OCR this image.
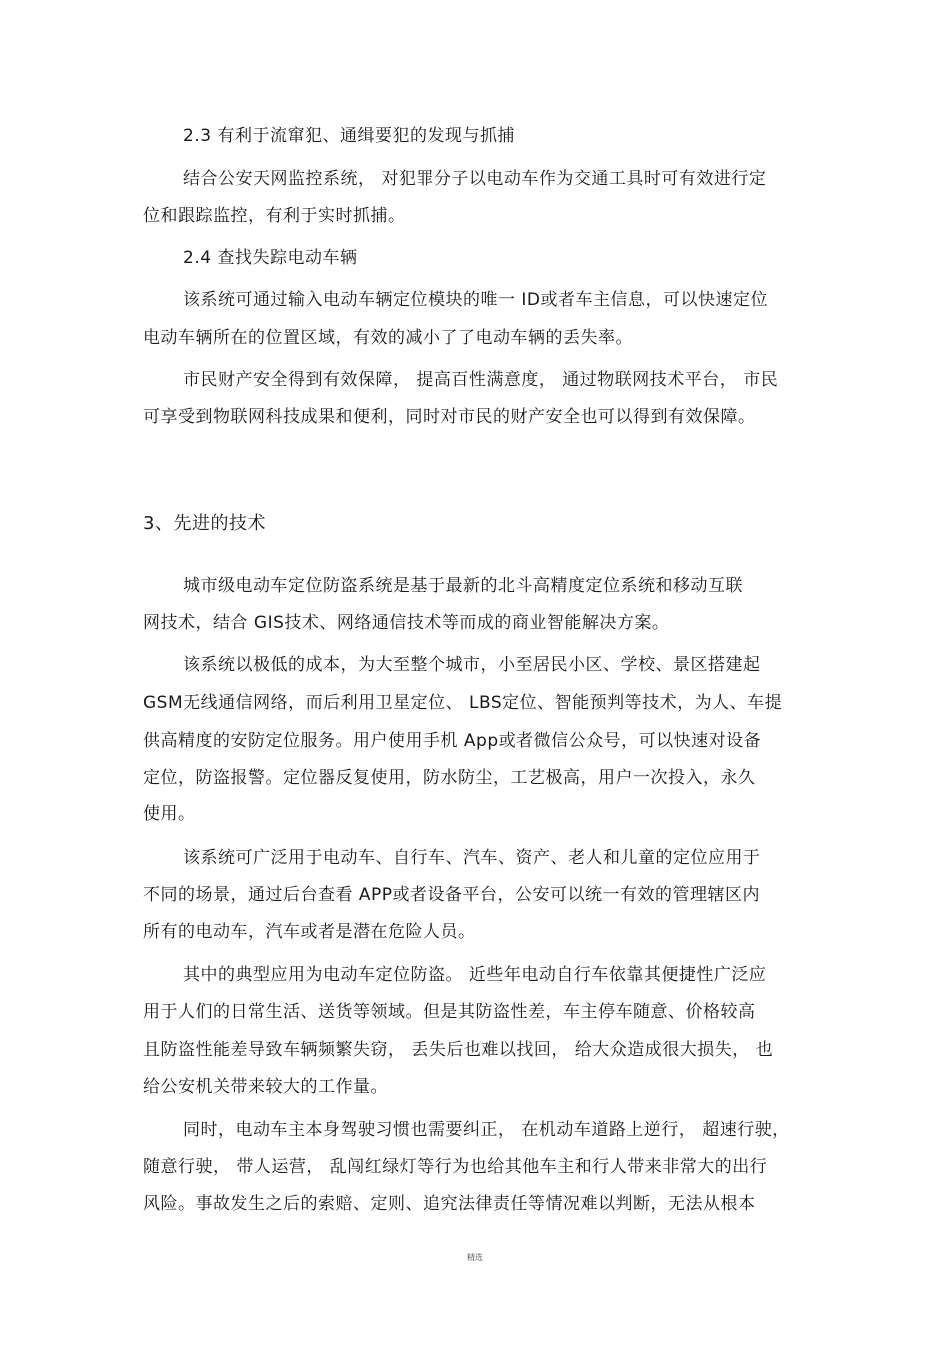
2.3 有利于流窜犯、通缉要犯的发现与抓捕
结合公安天网监控系统， 对犯罪分子以电动车作为交通工具时可有效进行定
位和跟踪监控，有利于实时抓捕。
2.4 查找失踪电动车辆
该系统可通过输入电动车辆定位模块的唯一 ID或者车主信息，可以快速定位
电动车辆所在的位置区域，有效的减小了了电动车辆的丢失率。
市民财产安全得到有效保障， 提高百性满意度， 通过物联网技术平台， 市民
可享受到物联网科技成果和便利，同时对市民的财产安全也可以得到有效保障。
3、先进的技术
城市级电动车定位防盗系统是基于最新的北斗高精度定位系统和移动互联
网技术，结合 GIS技术、网络通信技术等而成的商业智能解决方案。
该系统以极低的成本，为大至整个城市，小至居民小区、学校、景区搭建起
GSM无线通信网络，而后利用卫星定位、 LBS定位、智能预判等技术，为人、车提
供高精度的安防定位服务。用户使用手机 App或者微信公众号，可以快速对设备
定位，防盗报警。定位器反复使用，防水防尘，工艺极高，用户一次投入，永久
使用。
该系统可广泛用于电动车、自行车、汽车、资产、老人和儿童的定位应用于
不同的场景，通过后台查看 APP或者设备平台，公安可以统一有效的管理辖区内
所有的电动车，汽车或者是潜在危险人员。
其中的典型应用为电动车定位防盗。 近些年电动自行车依靠其便捷性广泛应
用于人们的日常生活、送货等领域。但是其防盗性差，车主停车随意、价格较高
且防盗性能差导致车辆频繁失窃， 丢失后也难以找回， 给大众造成很大损失， 也
给公安机关带来较大的工作量。
同时，电动车主本身驾驶习惯也需要纠正， 在机动车道路上逆行， 超速行驶，
随意行驶， 带人运营， 乱闯红绿灯等行为也给其他车主和行人带来非常大的出行
风险。事故发生之后的索赔、定则、追究法律责任等情况难以判断，无法从根本
精选
